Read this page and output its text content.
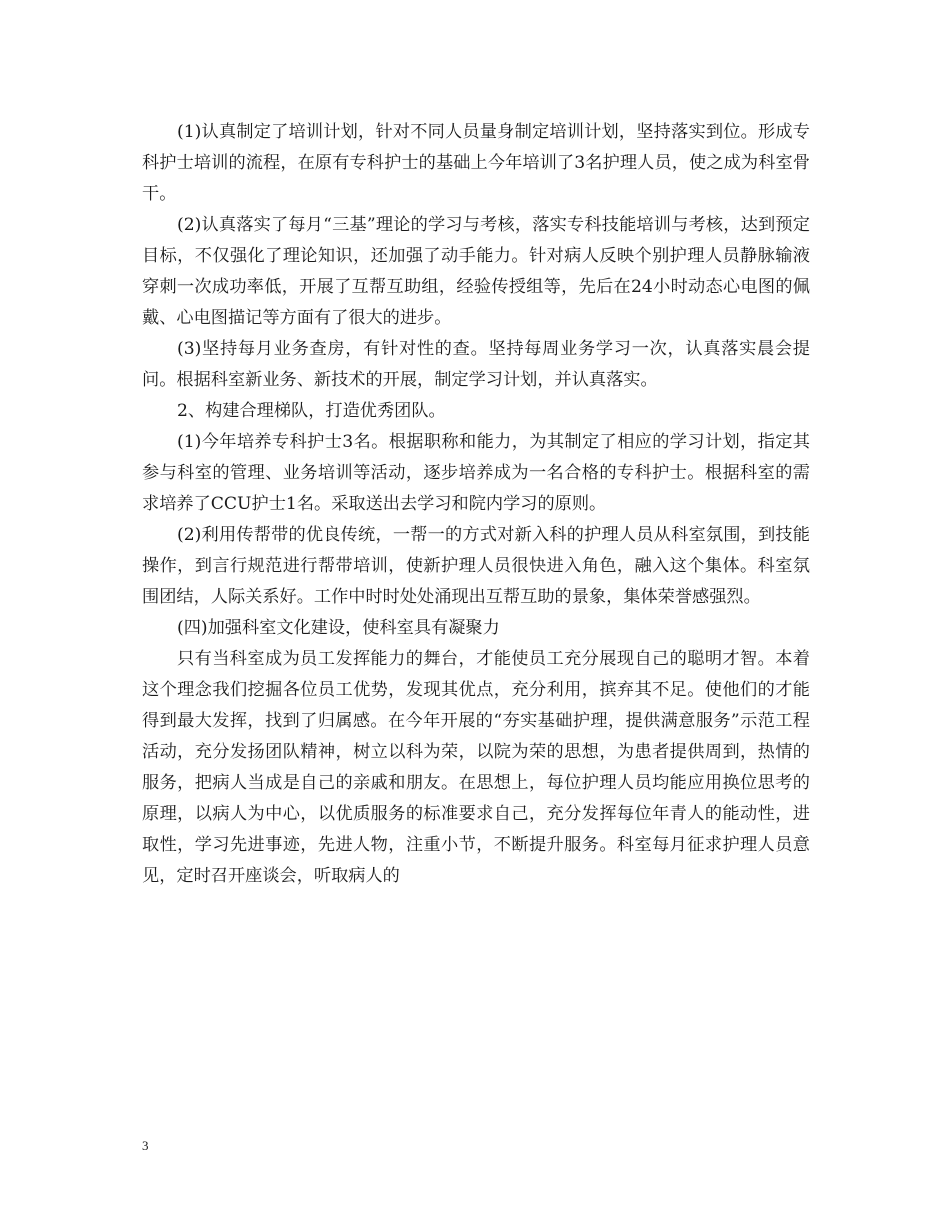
(1)认真制定了培训计划，针对不同人员量身制定培训计划，坚持落实到位。形成专科护士培训的流程，在原有专科护士的基础上今年培训了3名护理人员，使之成为科室骨干。

(2)认真落实了每月“三基”理论的学习与考核，落实专科技能培训与考核，达到预定目标，不仅强化了理论知识，还加强了动手能力。针对病人反映个别护理人员静脉输液穿刺一次成功率低，开展了互帮互助组，经验传授组等，先后在24小时动态心电图的佩戴、心电图描记等方面有了很大的进步。

(3)坚持每月业务查房，有针对性的查。坚持每周业务学习一次，认真落实晨会提问。根据科室新业务、新技术的开展，制定学习计划，并认真落实。

2、构建合理梯队，打造优秀团队。

(1)今年培养专科护士3名。根据职称和能力，为其制定了相应的学习计划，指定其参与科室的管理、业务培训等活动，逐步培养成为一名合格的专科护士。根据科室的需求培养了CCU护士1名。采取送出去学习和院内学习的原则。

(2)利用传帮带的优良传统，一帮一的方式对新入科的护理人员从科室氛围，到技能操作，到言行规范进行帮带培训，使新护理人员很快进入角色，融入这个集体。科室氛围团结，人际关系好。工作中时时处处涌现出互帮互助的景象，集体荣誉感强烈。

(四)加强科室文化建设，使科室具有凝聚力

只有当科室成为员工发挥能力的舞台，才能使员工充分展现自己的聪明才智。本着这个理念我们挖掘各位员工优势，发现其优点，充分利用，摈弃其不足。使他们的才能得到最大发挥，找到了归属感。在今年开展的“夯实基础护理，提供满意服务”示范工程活动，充分发扬团队精神，树立以科为荣，以院为荣的思想，为患者提供周到，热情的服务，把病人当成是自己的亲戚和朋友。在思想上，每位护理人员均能应用换位思考的原理，以病人为中心，以优质服务的标准要求自己，充分发挥每位年青人的能动性，进取性，学习先进事迹，先进人物，注重小节，不断提升服务。科室每月征求护理人员意见，定时召开座谈会，听取病人的

3
